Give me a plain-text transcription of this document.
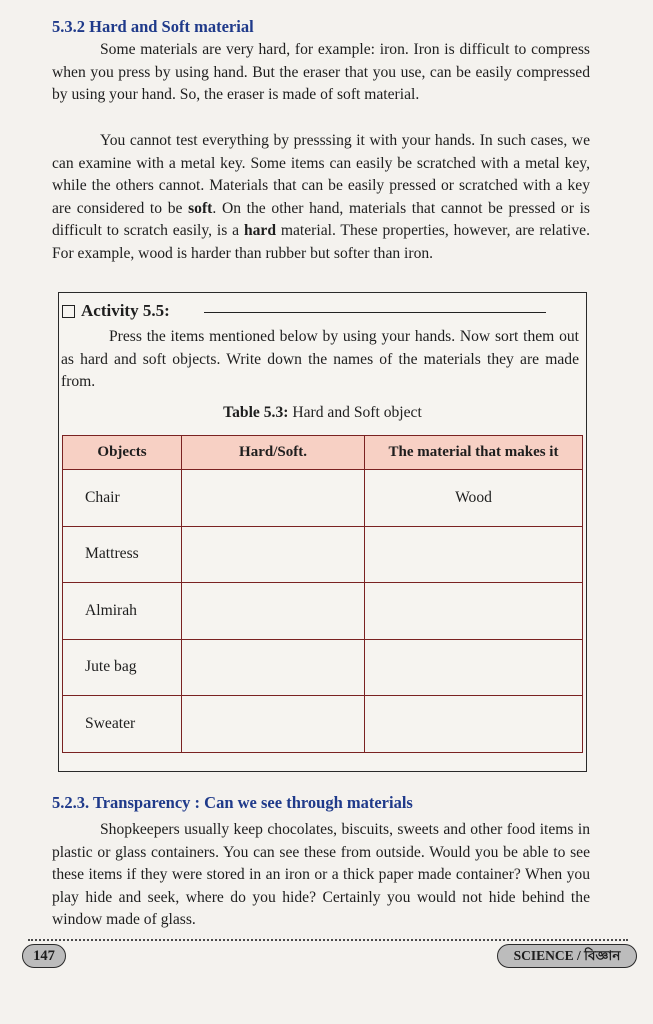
5.3.2 Hard and Soft material
Some materials are very hard, for example: iron. Iron is difficult to compress when you press by using hand. But the eraser that you use, can be easily compressed by using your hand. So, the eraser is made of soft material.
You cannot test everything by presssing it with your hands. In such cases, we can examine with a metal key. Some items can easily be scratched with a metal key, while the others cannot. Materials that can be easily pressed or scratched with a key are considered to be soft. On the other hand, materials that cannot be pressed or is difficult to scratch easily, is a hard material. These properties, however, are relative. For example, wood is harder than rubber but softer than iron.
Activity 5.5:
Press the items mentioned below by using your hands. Now sort them out as hard and soft objects. Write down the names of the materials they are made from.
Table 5.3: Hard and Soft object
Objects	Hard/Soft.	The material that makes it
Chair		Wood
Mattress		
Almirah		
Jute bag		
Sweater		
5.2.3. Transparency : Can we see through materials
Shopkeepers usually keep chocolates, biscuits, sweets and other food items in plastic or glass containers. You can see these from outside. Would you be able to see these items if they were stored in an iron or a thick paper made container? When you play hide and seek, where do you hide? Certainly you would not hide behind the window made of glass.
147	SCIENCE / বিজ্ঞান
